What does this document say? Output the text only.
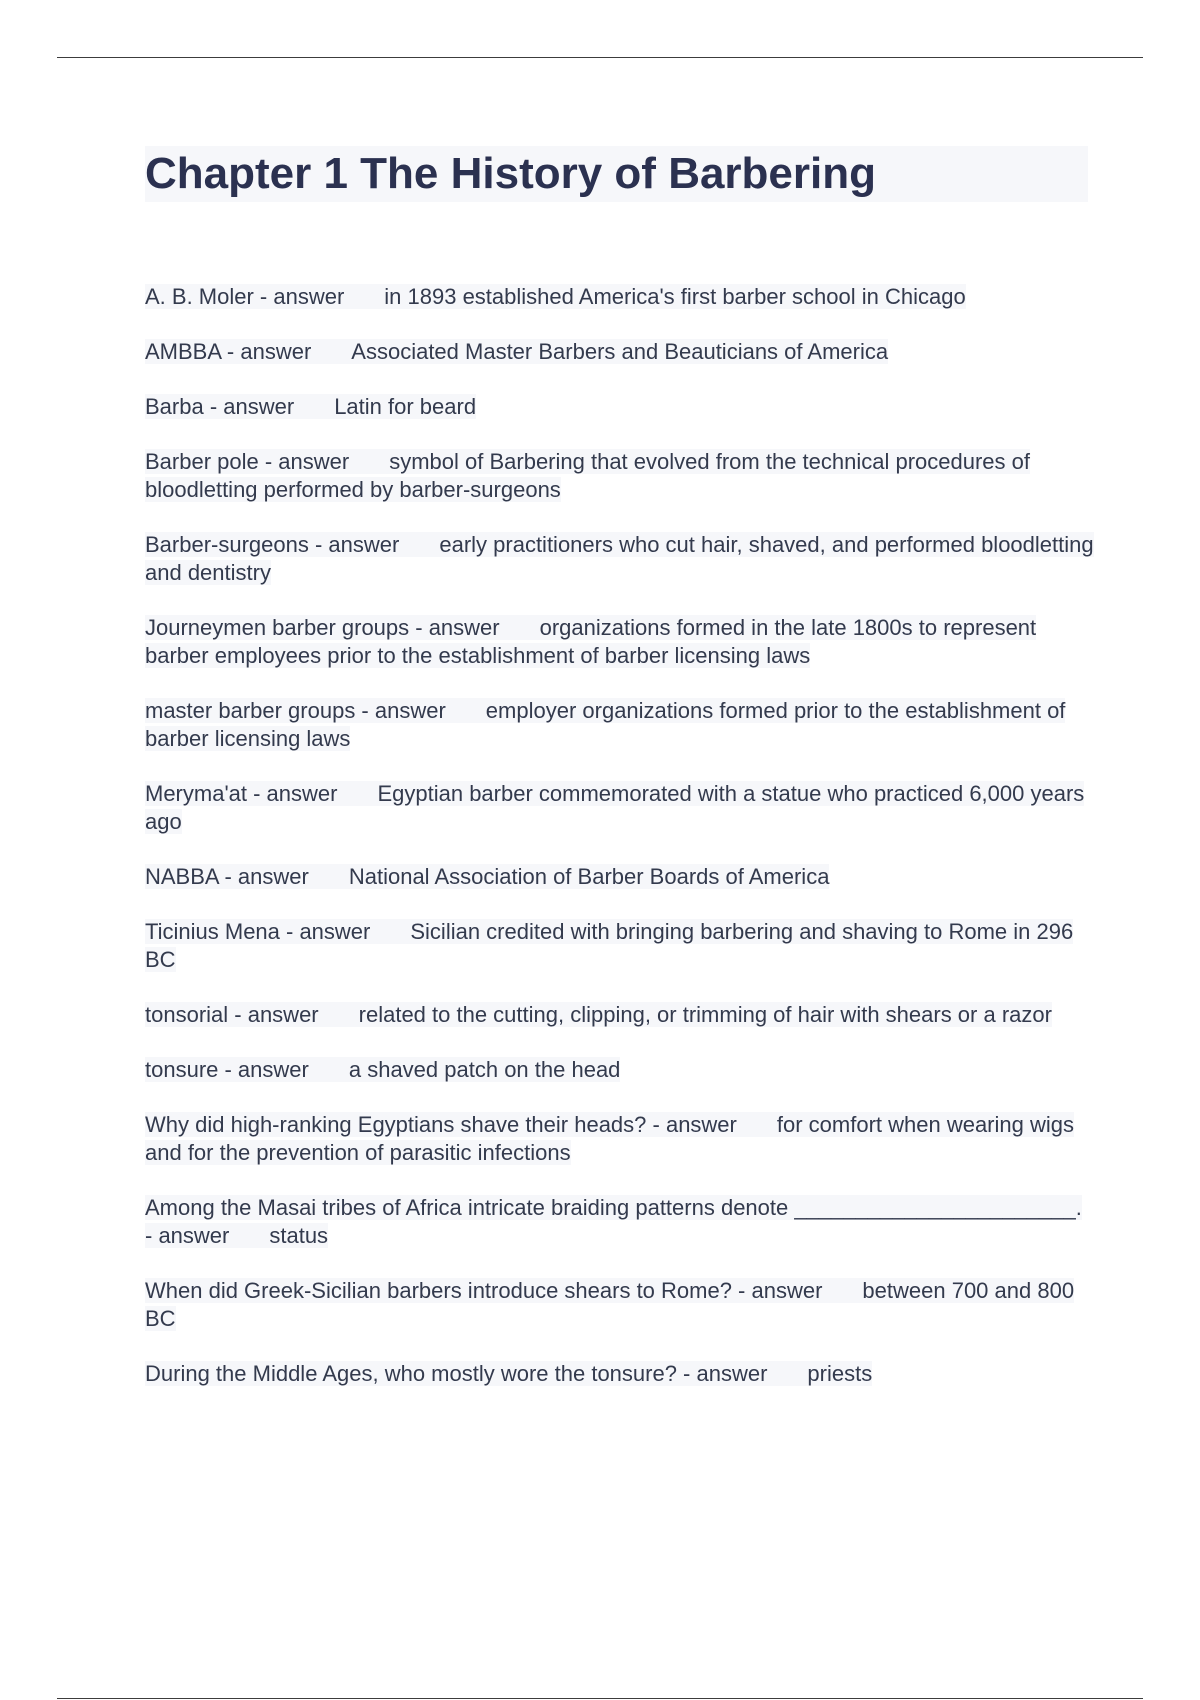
Chapter 1 The History of Barbering
A. B. Moler - answer in 1893 established America's first barber school in Chicago
AMBBA - answer Associated Master Barbers and Beauticians of America
Barba - answer Latin for beard
Barber pole - answer symbol of Barbering that evolved from the technical procedures of bloodletting performed by barber-surgeons
Barber-surgeons - answer early practitioners who cut hair, shaved, and performed bloodletting and dentistry
Journeymen barber groups - answer organizations formed in the late 1800s to represent barber employees prior to the establishment of barber licensing laws
master barber groups - answer employer organizations formed prior to the establishment of barber licensing laws
Meryma'at - answer Egyptian barber commemorated with a statue who practiced 6,000 years ago
NABBA - answer National Association of Barber Boards of America
Ticinius Mena - answer Sicilian credited with bringing barbering and shaving to Rome in 296 BC
tonsorial - answer related to the cutting, clipping, or trimming of hair with shears or a razor
tonsure - answer a shaved patch on the head
Why did high-ranking Egyptians shave their heads? - answer for comfort when wearing wigs and for the prevention of parasitic infections
Among the Masai tribes of Africa intricate braiding patterns denote _______________________. - answer status
When did Greek-Sicilian barbers introduce shears to Rome? - answer between 700 and 800 BC
During the Middle Ages, who mostly wore the tonsure? - answer priests
